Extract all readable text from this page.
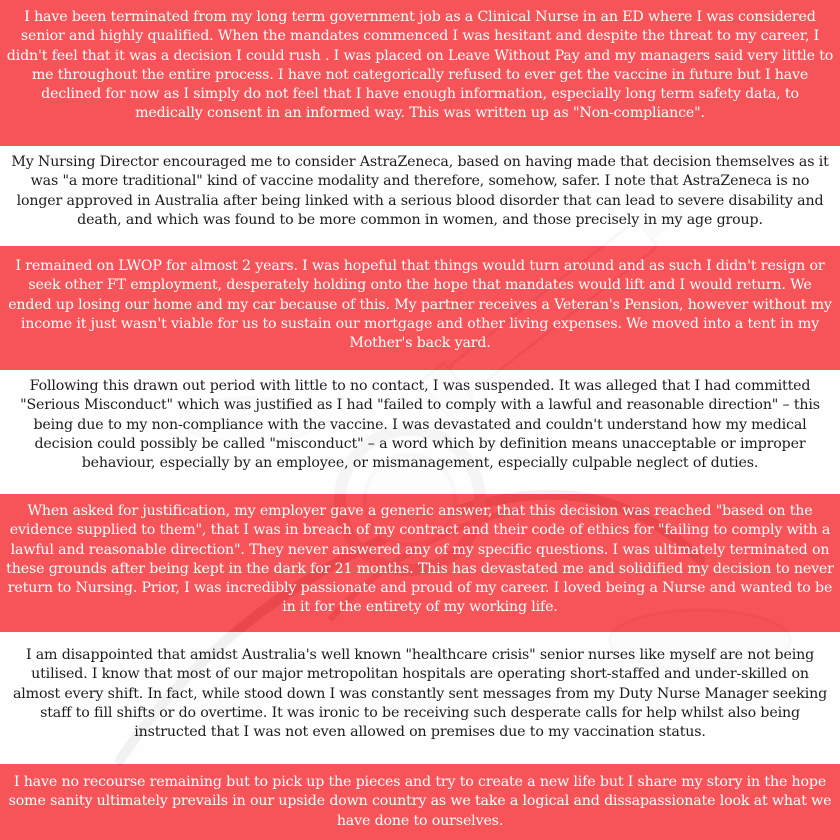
I have been terminated from my long term government job as a Clinical Nurse in an ED where I was considered senior and highly qualified. When the mandates commenced I was hesitant and despite the threat to my career, I didn't feel that it was a decision I could rush . I was placed on Leave Without Pay and my managers said very little to me throughout the entire process. I have not categorically refused to ever get the vaccine in future but I have declined for now as I simply do not feel that I have enough information, especially long term safety data, to medically consent in an informed way. This was written up as "Non-compliance".
My Nursing Director encouraged me to consider AstraZeneca, based on having made that decision themselves as it was "a more traditional" kind of vaccine modality and therefore, somehow, safer. I note that AstraZeneca is no longer approved in Australia after being linked with a serious blood disorder that can lead to severe disability and death, and which was found to be more common in women, and those precisely in my age group.
I remained on LWOP for almost 2 years. I was hopeful that things would turn around and as such I didn't resign or seek other FT employment, desperately holding onto the hope that mandates would lift and I would return. We ended up losing our home and my car because of this. My partner receives a Veteran's Pension, however without my income it just wasn't viable for us to sustain our mortgage and other living expenses. We moved into a tent in my Mother's back yard.
Following this drawn out period with little to no contact, I was suspended. It was alleged that I had committed "Serious Misconduct" which was justified as I had "failed to comply with a lawful and reasonable direction" – this being due to my non-compliance with the vaccine. I was devastated and couldn't understand how my medical decision could possibly be called "misconduct" – a word which by definition means unacceptable or improper behaviour, especially by an employee, or mismanagement, especially culpable neglect of duties.
When asked for justification, my employer gave a generic answer, that this decision was reached "based on the evidence supplied to them", that I was in breach of my contract and their code of ethics for "failing to comply with a lawful and reasonable direction". They never answered any of my specific questions. I was ultimately terminated on these grounds after being kept in the dark for 21 months. This has devastated me and solidified my decision to never return to Nursing. Prior, I was incredibly passionate and proud of my career. I loved being a Nurse and wanted to be in it for the entirety of my working life.
I am disappointed that amidst Australia's well known "healthcare crisis" senior nurses like myself are not being utilised. I know that most of our major metropolitan hospitals are operating short-staffed and under-skilled on almost every shift. In fact, while stood down I was constantly sent messages from my Duty Nurse Manager seeking staff to fill shifts or do overtime. It was ironic to be receiving such desperate calls for help whilst also being instructed that I was not even allowed on premises due to my vaccination status.
I have no recourse remaining but to pick up the pieces and try to create a new life but I share my story in the hope some sanity ultimately prevails in our upside down country as we take a logical and dissapassionate look at what we have done to ourselves.
